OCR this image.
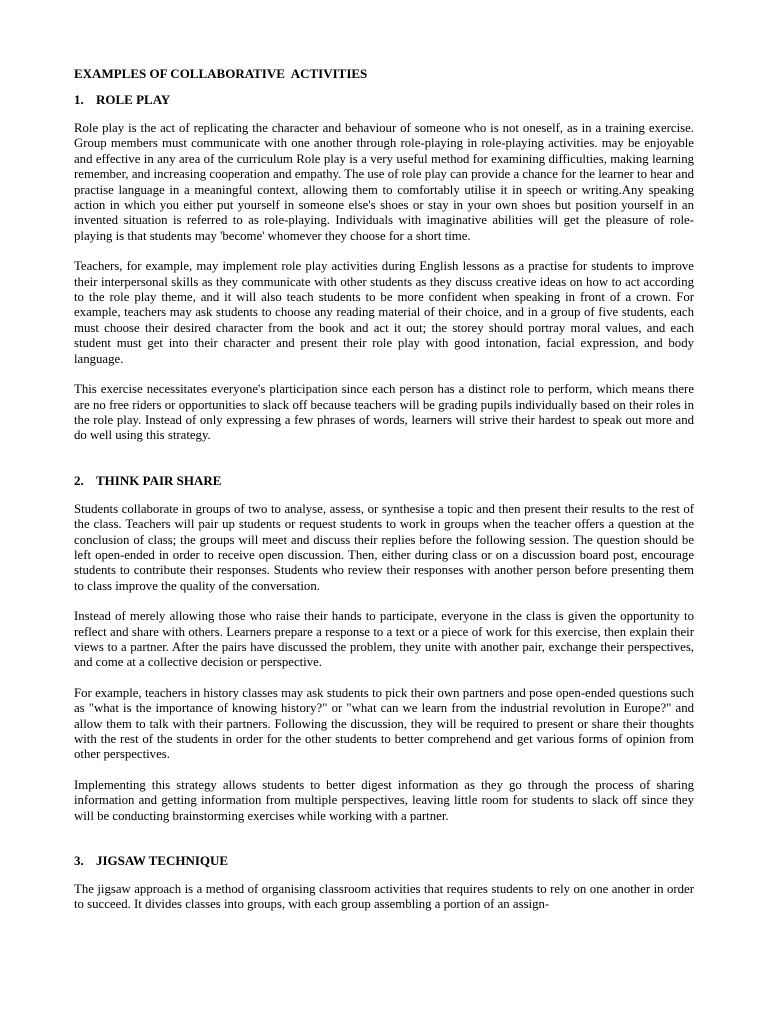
EXAMPLES OF COLLABORATIVE  ACTIVITIES
1. ROLE PLAY

Role play is the act of replicating the character and behaviour of someone who is not oneself, as in a training exercise. Group members must communicate with one another through role-playing in role-playing activities. may be enjoyable and effective in any area of the curriculum Role play is a very useful method for examining difficulties, making learning remember, and increasing cooperation and empathy. The use of role play can provide a chance for the learner to hear and practise language in a meaningful context, allowing them to comfortably utilise it in speech or writing.Any speaking action in which you either put yourself in someone else's shoes or stay in your own shoes but position yourself in an invented situation is referred to as role-playing. Individuals with imaginative abilities will get the pleasure of role-playing is that students may 'become' whomever they choose for a short time.

Teachers, for example, may implement role play activities during English lessons as a practise for students to improve their interpersonal skills as they communicate with other students as they discuss creative ideas on how to act according to the role play theme, and it will also teach students to be more confident when speaking in front of a crown. For example, teachers may ask students to choose any reading material of their choice, and in a group of five students, each must choose their desired character from the book and act it out; the storey should portray moral values, and each student must get into their character and present their role play with good intonation, facial expression, and body language.

This exercise necessitates everyone's plarticipation since each person has a distinct role to perform, which means there are no free riders or opportunities to slack off because teachers will be grading pupils individually based on their roles in the role play. Instead of only expressing a few phrases of words, learners will strive their hardest to speak out more and do well using this strategy.

2. THINK PAIR SHARE

Students collaborate in groups of two to analyse, assess, or synthesise a topic and then present their results to the rest of the class. Teachers will pair up students or request students to work in groups when the teacher offers a question at the conclusion of class; the groups will meet and discuss their replies before the following session. The question should be left open-ended in order to receive open discussion. Then, either during class or on a discussion board post, encourage students to contribute their responses. Students who review their responses with another person before presenting them to class improve the quality of the conversation.

Instead of merely allowing those who raise their hands to participate, everyone in the class is given the opportunity to reflect and share with others. Learners prepare a response to a text or a piece of work for this exercise, then explain their views to a partner. After the pairs have discussed the problem, they unite with another pair, exchange their perspectives, and come at a collective decision or perspective.

For example, teachers in history classes may ask students to pick their own partners and pose open-ended questions such as "what is the importance of knowing history?" or "what can we learn from the industrial revolution in Europe?" and allow them to talk with their partners. Following the discussion, they will be required to present or share their thoughts with the rest of the students in order for the other students to better comprehend and get various forms of opinion from other perspectives.

Implementing this strategy allows students to better digest information as they go through the process of sharing information and getting information from multiple perspectives, leaving little room for students to slack off since they will be conducting brainstorming exercises while working with a partner.

3. JIGSAW TECHNIQUE

The jigsaw approach is a method of organising classroom activities that requires students to rely on one another in order to succeed. It divides classes into groups, with each group assembling a portion of an assign-
